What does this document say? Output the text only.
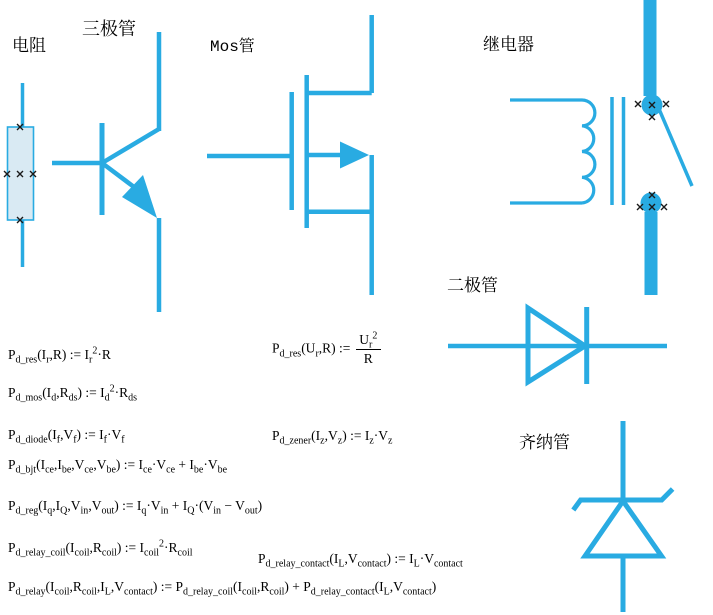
电阻
三极管
Mos管	继电器
二极管
齐纳管
$P_{d\_res}(I_r,R)$ := $I_r^2\cdot R$	$P_{d\_res}(U_r,R)$ := $\frac{U_r^2}{R}$
$P_{d\_mos}(I_d,R_{ds})$ := $I_d^2\cdot R_{ds}$
$P_{d\_diode}(I_f,V_f)$ := $I_f\cdot V_f$	$P_{d\_zener}(I_z,V_z)$ := $I_z\cdot V_z$
$P_{d\_bjt}(I_{ce},I_{be},V_{ce},V_{be})$ := $I_{ce}\cdot V_{ce} + I_{be}\cdot V_{be}$
$P_{d\_reg}(I_q,I_Q,V_{in},V_{out})$ := $I_q\cdot V_{in} + I_Q\cdot(V_{in} - V_{out})$
$P_{d\_relay\_coil}(I_{coil},R_{coil})$ := $I_{coil}^2\cdot R_{coil}$	$P_{d\_relay\_contact}(I_L,V_{contact})$ := $I_L\cdot V_{contact}$
$P_{d\_relay}(I_{coil},R_{coil},I_L,V_{contact})$ := $P_{d\_relay\_coil}(I_{coil},R_{coil}) + P_{d\_relay\_contact}(I_L,V_{contact})$
